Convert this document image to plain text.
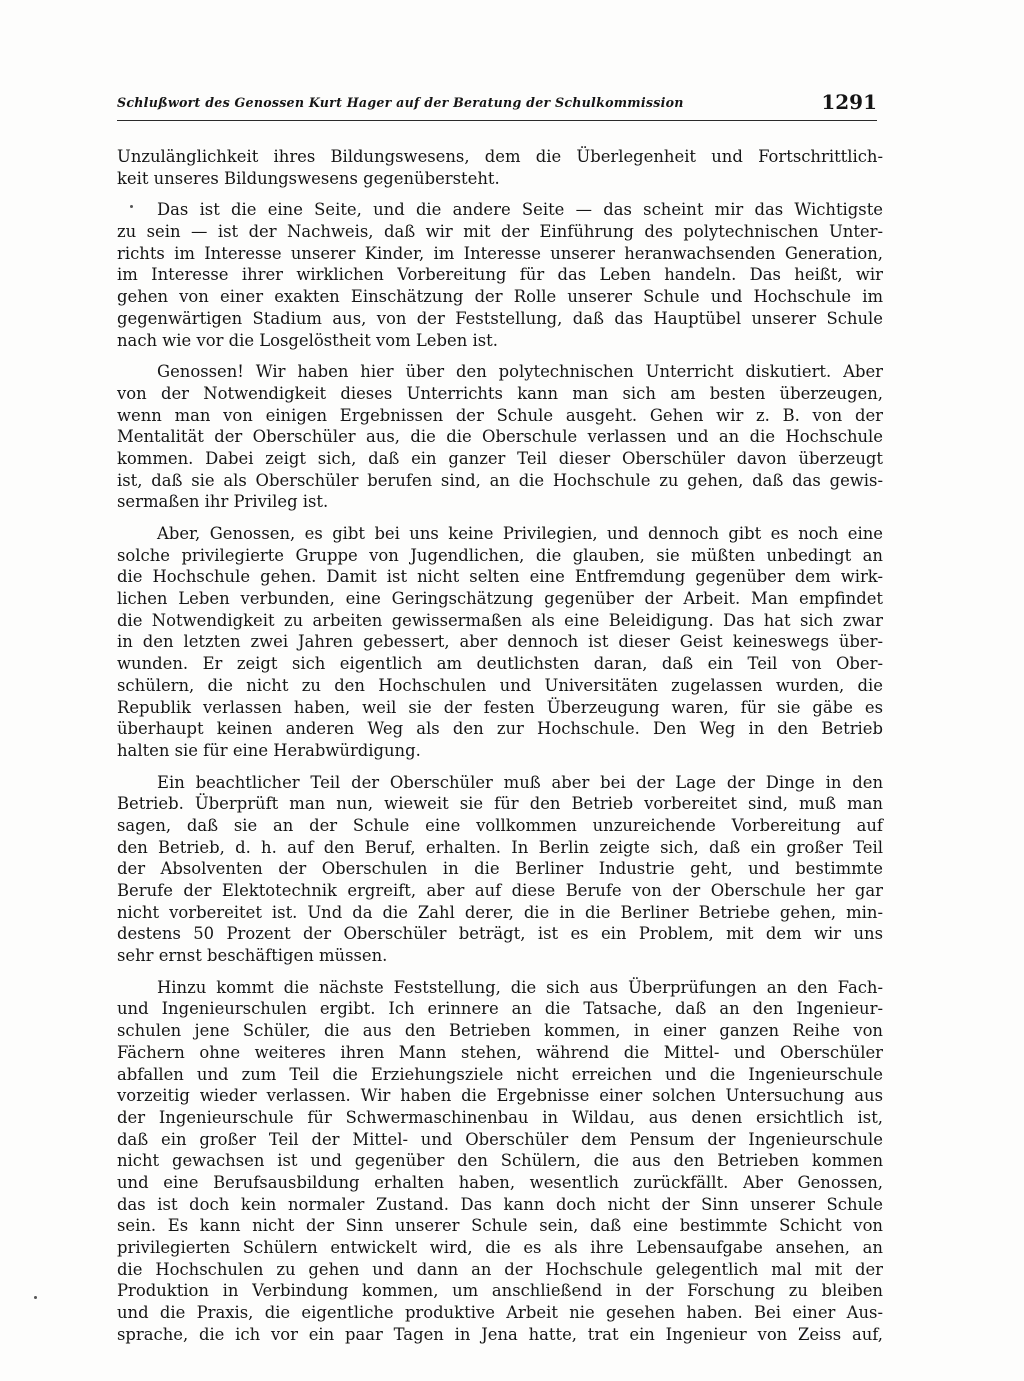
Schlußwort des Genossen Kurt Hager auf der Beratung der Schulkommission	1291
Unzulänglichkeit ihres Bildungswesens, dem die Überlegenheit und Fortschrittlich-
keit unseres Bildungswesens gegenübersteht.
Das ist die eine Seite, und die andere Seite — das scheint mir das Wichtigste
zu sein — ist der Nachweis, daß wir mit der Einführung des polytechnischen Unter-
richts im Interesse unserer Kinder, im Interesse unserer heranwachsenden Generation,
im Interesse ihrer wirklichen Vorbereitung für das Leben handeln. Das heißt, wir
gehen von einer exakten Einschätzung der Rolle unserer Schule und Hochschule im
gegenwärtigen Stadium aus, von der Feststellung, daß das Hauptübel unserer Schule
nach wie vor die Losgelöstheit vom Leben ist.
Genossen! Wir haben hier über den polytechnischen Unterricht diskutiert. Aber
von der Notwendigkeit dieses Unterrichts kann man sich am besten überzeugen,
wenn man von einigen Ergebnissen der Schule ausgeht. Gehen wir z. B. von der
Mentalität der Oberschüler aus, die die Oberschule verlassen und an die Hochschule
kommen. Dabei zeigt sich, daß ein ganzer Teil dieser Oberschüler davon überzeugt
ist, daß sie als Oberschüler berufen sind, an die Hochschule zu gehen, daß das gewis-
sermaßen ihr Privileg ist.
Aber, Genossen, es gibt bei uns keine Privilegien, und dennoch gibt es noch eine
solche privilegierte Gruppe von Jugendlichen, die glauben, sie müßten unbedingt an
die Hochschule gehen. Damit ist nicht selten eine Entfremdung gegenüber dem wirk-
lichen Leben verbunden, eine Geringschätzung gegenüber der Arbeit. Man empfindet
die Notwendigkeit zu arbeiten gewissermaßen als eine Beleidigung. Das hat sich zwar
in den letzten zwei Jahren gebessert, aber dennoch ist dieser Geist keineswegs über-
wunden. Er zeigt sich eigentlich am deutlichsten daran, daß ein Teil von Ober-
schülern, die nicht zu den Hochschulen und Universitäten zugelassen wurden, die
Republik verlassen haben, weil sie der festen Überzeugung waren, für sie gäbe es
überhaupt keinen anderen Weg als den zur Hochschule. Den Weg in den Betrieb
halten sie für eine Herabwürdigung.
Ein beachtlicher Teil der Oberschüler muß aber bei der Lage der Dinge in den
Betrieb. Überprüft man nun, wieweit sie für den Betrieb vorbereitet sind, muß man
sagen, daß sie an der Schule eine vollkommen unzureichende Vorbereitung auf
den Betrieb, d. h. auf den Beruf, erhalten. In Berlin zeigte sich, daß ein großer Teil
der Absolventen der Oberschulen in die Berliner Industrie geht, und bestimmte
Berufe der Elektotechnik ergreift, aber auf diese Berufe von der Oberschule her gar
nicht vorbereitet ist. Und da die Zahl derer, die in die Berliner Betriebe gehen, min-
destens 50 Prozent der Oberschüler beträgt, ist es ein Problem, mit dem wir uns
sehr ernst beschäftigen müssen.
Hinzu kommt die nächste Feststellung, die sich aus Überprüfungen an den Fach-
und Ingenieurschulen ergibt. Ich erinnere an die Tatsache, daß an den Ingenieur-
schulen jene Schüler, die aus den Betrieben kommen, in einer ganzen Reihe von
Fächern ohne weiteres ihren Mann stehen, während die Mittel- und Oberschüler
abfallen und zum Teil die Erziehungsziele nicht erreichen und die Ingenieurschule
vorzeitig wieder verlassen. Wir haben die Ergebnisse einer solchen Untersuchung aus
der Ingenieurschule für Schwermaschinenbau in Wildau, aus denen ersichtlich ist,
daß ein großer Teil der Mittel- und Oberschüler dem Pensum der Ingenieurschule
nicht gewachsen ist und gegenüber den Schülern, die aus den Betrieben kommen
und eine Berufsausbildung erhalten haben, wesentlich zurückfällt. Aber Genossen,
das ist doch kein normaler Zustand. Das kann doch nicht der Sinn unserer Schule
sein. Es kann nicht der Sinn unserer Schule sein, daß eine bestimmte Schicht von
privilegierten Schülern entwickelt wird, die es als ihre Lebensaufgabe ansehen, an
die Hochschulen zu gehen und dann an der Hochschule gelegentlich mal mit der
Produktion in Verbindung kommen, um anschließend in der Forschung zu bleiben
und die Praxis, die eigentliche produktive Arbeit nie gesehen haben. Bei einer Aus-
sprache, die ich vor ein paar Tagen in Jena hatte, trat ein Ingenieur von Zeiss auf,
